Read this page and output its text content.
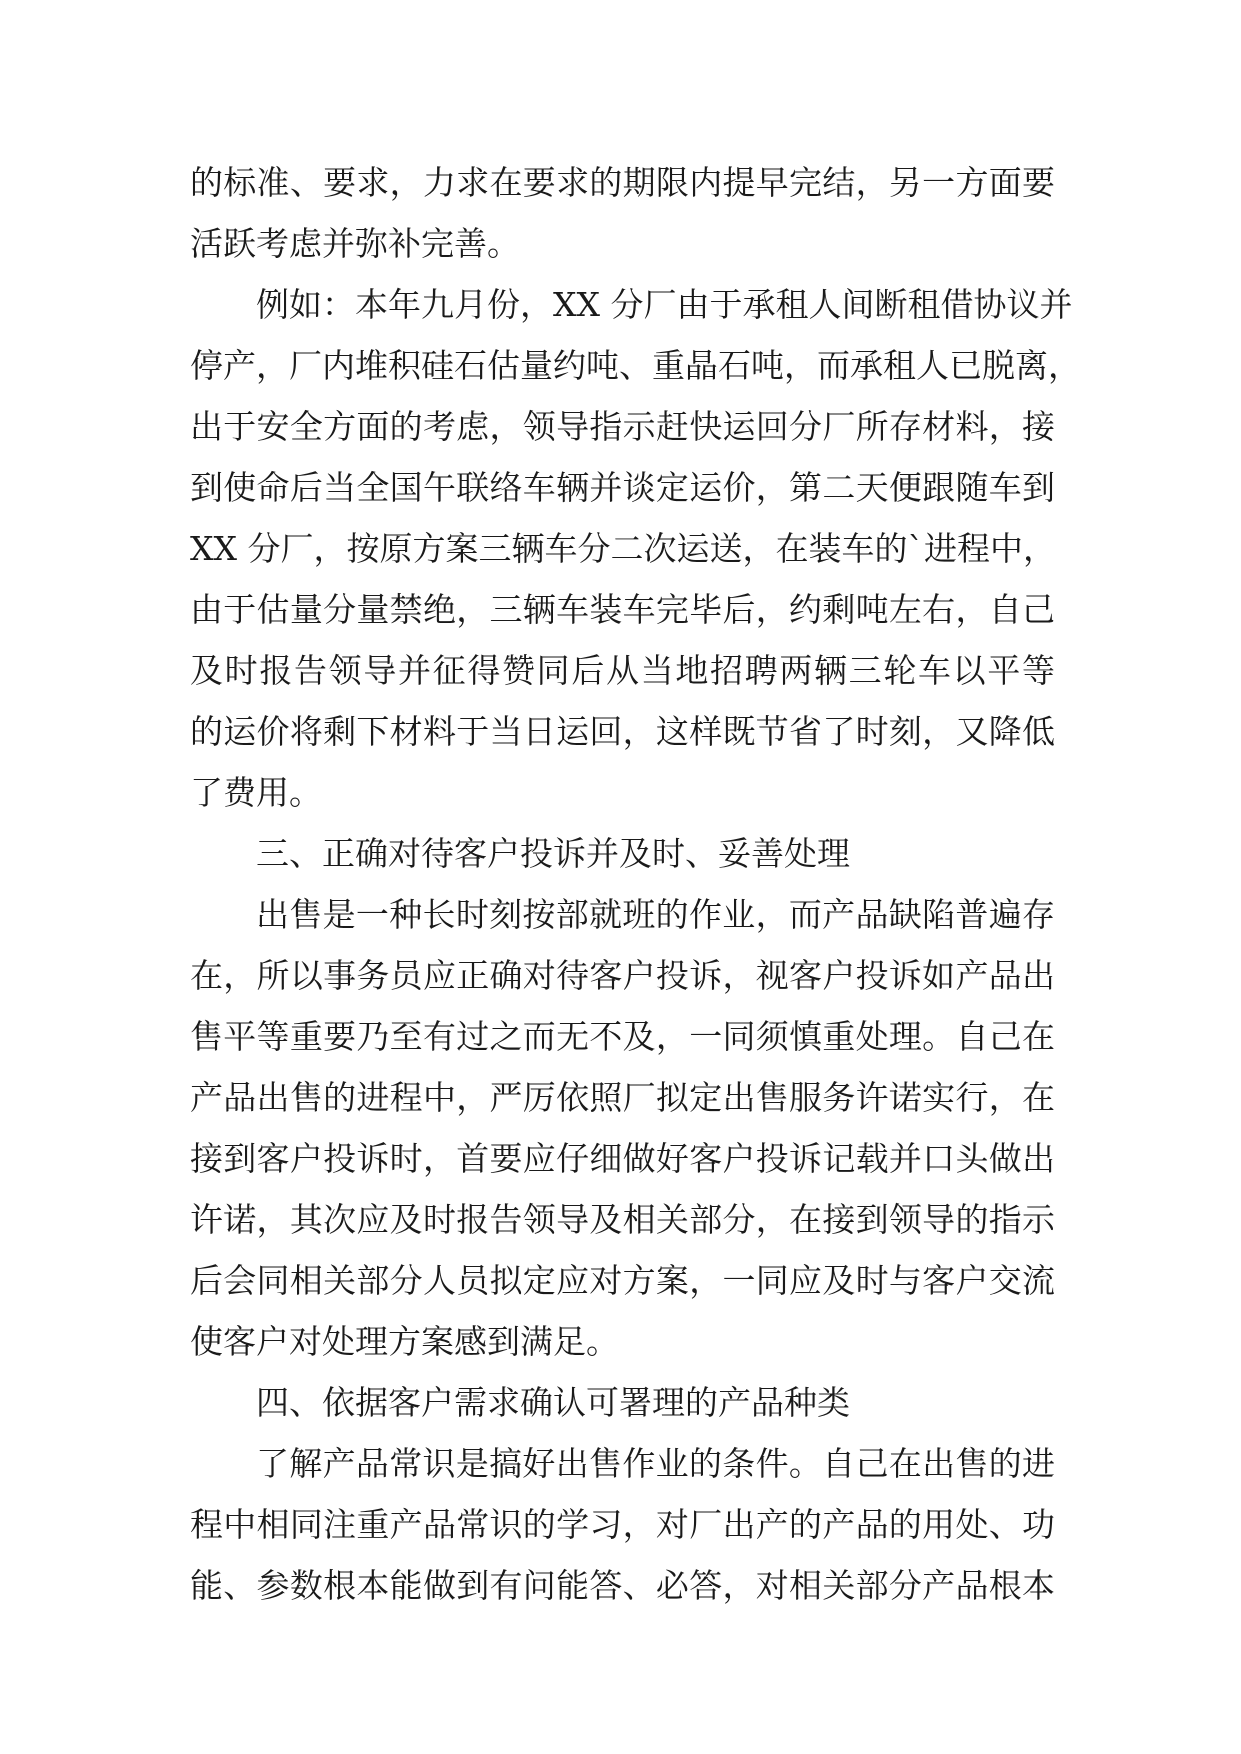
的标准、要求，力求在要求的期限内提早完结，另一方面要
活跃考虑并弥补完善。
例如：本年九月份，XX 分厂由于承租人间断租借协议并
停产，厂内堆积硅石估量约吨、重晶石吨，而承租人已脱离，
出于安全方面的考虑，领导指示赶快运回分厂所存材料，接
到使命后当全国午联络车辆并谈定运价，第二天便跟随车到
XX 分厂，按原方案三辆车分二次运送，在装车的`进程中，
由于估量分量禁绝，三辆车装车完毕后，约剩吨左右，自己
及时报告领导并征得赞同后从当地招聘两辆三轮车以平等
的运价将剩下材料于当日运回，这样既节省了时刻，又降低
了费用。
三、正确对待客户投诉并及时、妥善处理
出售是一种长时刻按部就班的作业，而产品缺陷普遍存
在，所以事务员应正确对待客户投诉，视客户投诉如产品出
售平等重要乃至有过之而无不及，一同须慎重处理。自己在
产品出售的进程中，严厉依照厂拟定出售服务许诺实行，在
接到客户投诉时，首要应仔细做好客户投诉记载并口头做出
许诺，其次应及时报告领导及相关部分，在接到领导的指示
后会同相关部分人员拟定应对方案，一同应及时与客户交流
使客户对处理方案感到满足。
四、依据客户需求确认可署理的产品种类
了解产品常识是搞好出售作业的条件。自己在出售的进
程中相同注重产品常识的学习，对厂出产的产品的用处、功
能、参数根本能做到有问能答、必答，对相关部分产品根本
